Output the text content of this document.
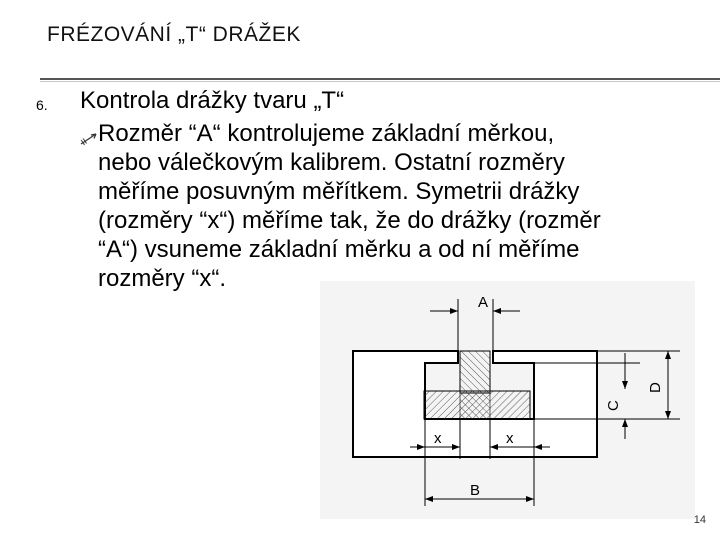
FRÉZOVÁNÍ „T“ DRÁŽEK
6. Kontrola drážky tvaru „T“
Rozměr “A“ kontrolujeme základní měrkou,
nebo válečkovým kalibrem. Ostatní rozměry
měříme posuvným měřítkem. Symetrii drážky
(rozměry “x“) měříme tak, že do drážky (rozměr
“A“) vsuneme základní měrku a od ní měříme
rozměry “x“.
A
D
C
x	x
B
14
